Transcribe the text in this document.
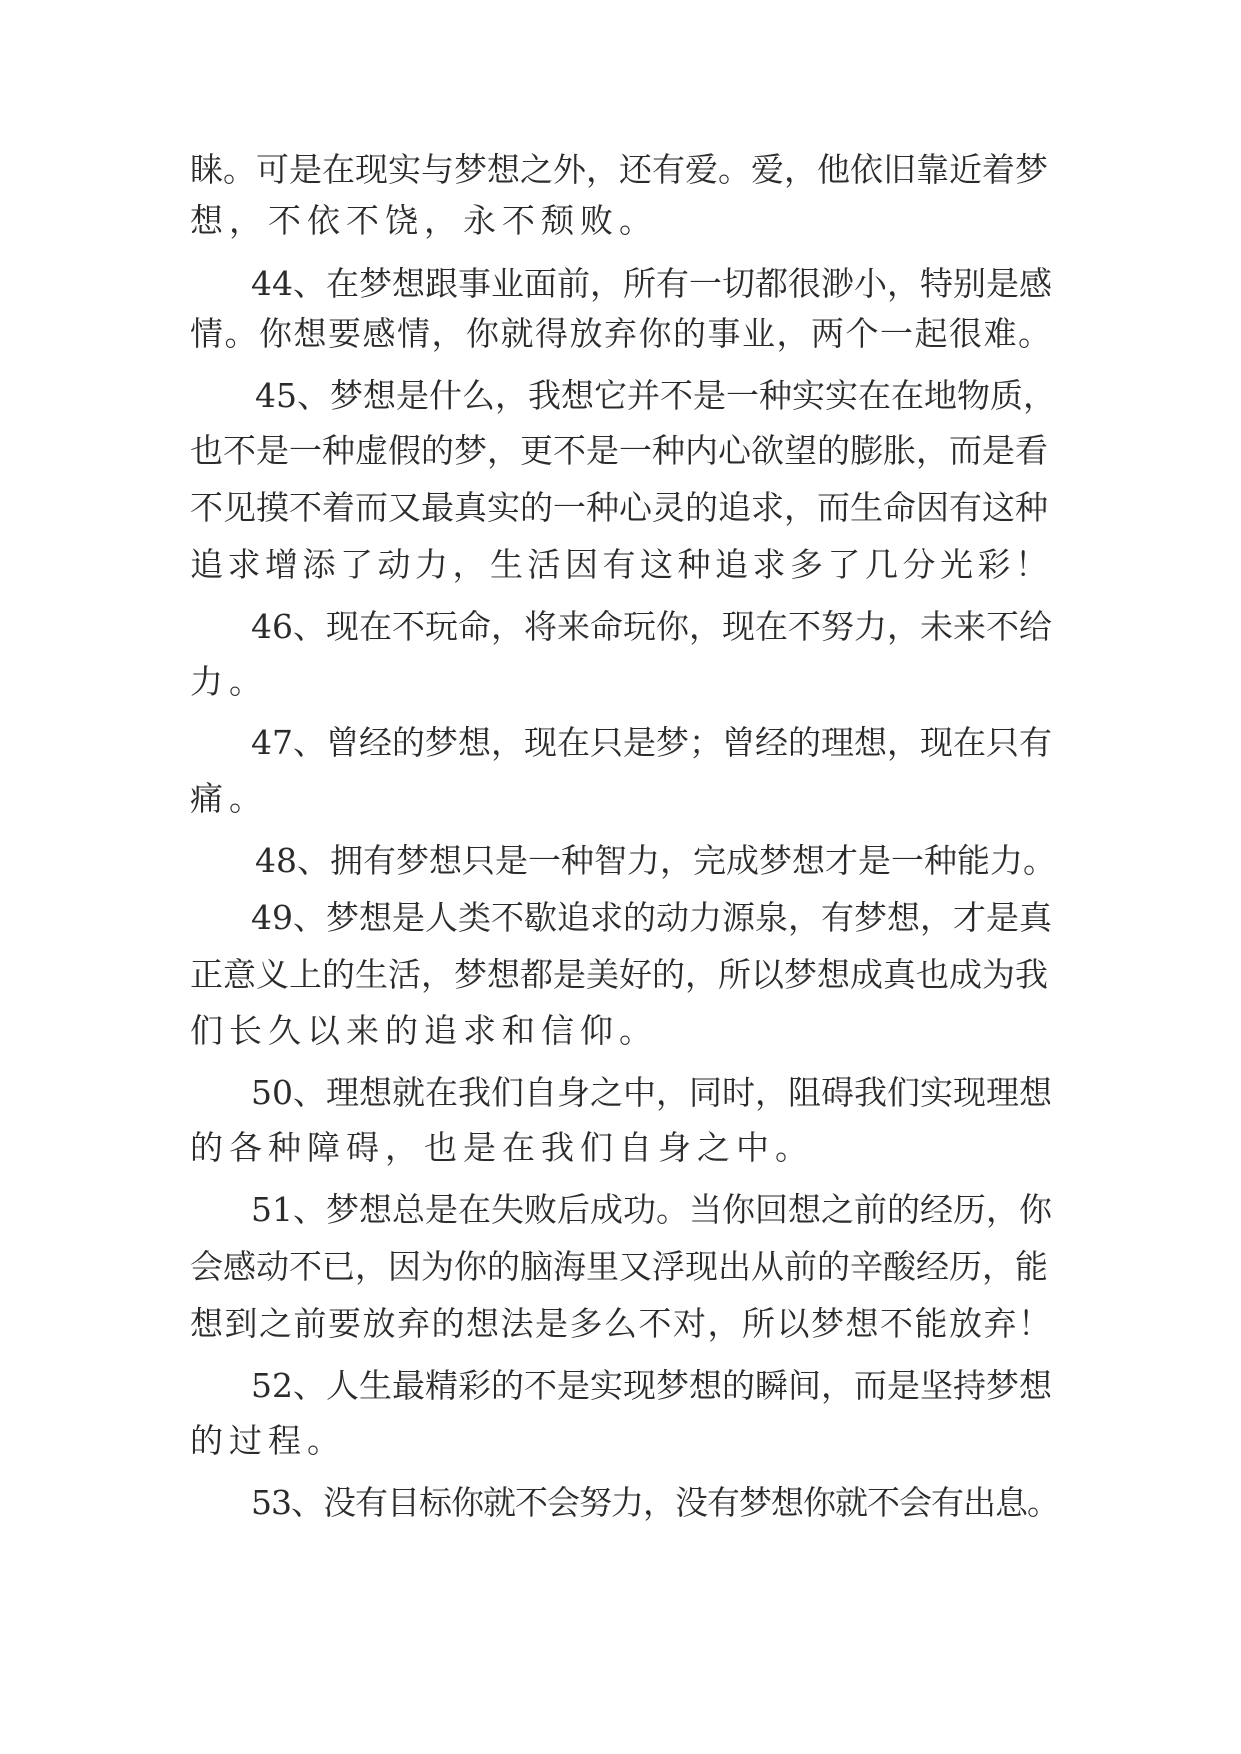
睐。可是在现实与梦想之外，还有爱。爱，他依旧靠近着梦

想，不依不饶，永不颓败。

44、在梦想跟事业面前，所有一切都很渺小，特别是感

情。你想要感情，你就得放弃你的事业，两个一起很难。

45、梦想是什么，我想它并不是一种实实在在地物质，

也不是一种虚假的梦，更不是一种内心欲望的膨胀，而是看

不见摸不着而又最真实的一种心灵的追求，而生命因有这种

追求增添了动力，生活因有这种追求多了几分光彩！

46、现在不玩命，将来命玩你，现在不努力，未来不给

力。

47、曾经的梦想，现在只是梦；曾经的理想，现在只有

痛。

48、拥有梦想只是一种智力，完成梦想才是一种能力。

49、梦想是人类不歇追求的动力源泉，有梦想，才是真

正意义上的生活，梦想都是美好的，所以梦想成真也成为我

们长久以来的追求和信仰。

50、理想就在我们自身之中，同时，阻碍我们实现理想

的各种障碍，也是在我们自身之中。

51、梦想总是在失败后成功。当你回想之前的经历，你

会感动不已，因为你的脑海里又浮现出从前的辛酸经历，能

想到之前要放弃的想法是多么不对，所以梦想不能放弃！

52、人生最精彩的不是实现梦想的瞬间，而是坚持梦想

的过程。

53、没有目标你就不会努力，没有梦想你就不会有出息。
